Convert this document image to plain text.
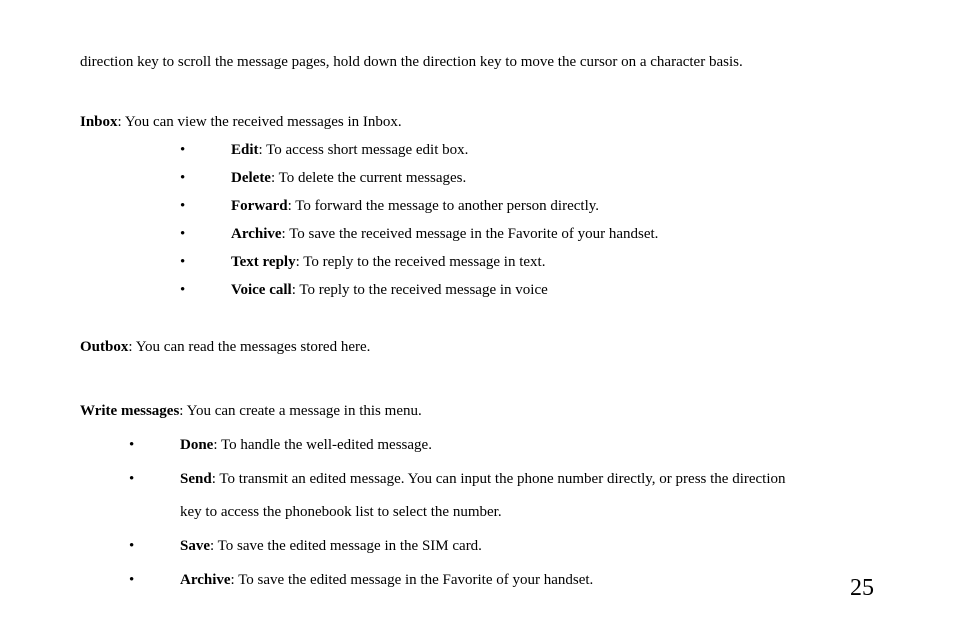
direction key to scroll the message pages, hold down the direction key to move the cursor on a character basis.
Inbox: You can view the received messages in Inbox.
•	Edit: To access short message edit box.
•	Delete: To delete the current messages.
•	Forward: To forward the message to another person directly.
•	Archive: To save the received message in the Favorite of your handset.
•	Text reply: To reply to the received message in text.
•	Voice call: To reply to the received message in voice
Outbox: You can read the messages stored here.
Write messages: You can create a message in this menu.
•	Done: To handle the well-edited message.
•	Send: To transmit an edited message. You can input the phone number directly, or press the direction
key to access the phonebook list to select the number.
•	Save: To save the edited message in the SIM card.
•	Archive: To save the edited message in the Favorite of your handset.	25
